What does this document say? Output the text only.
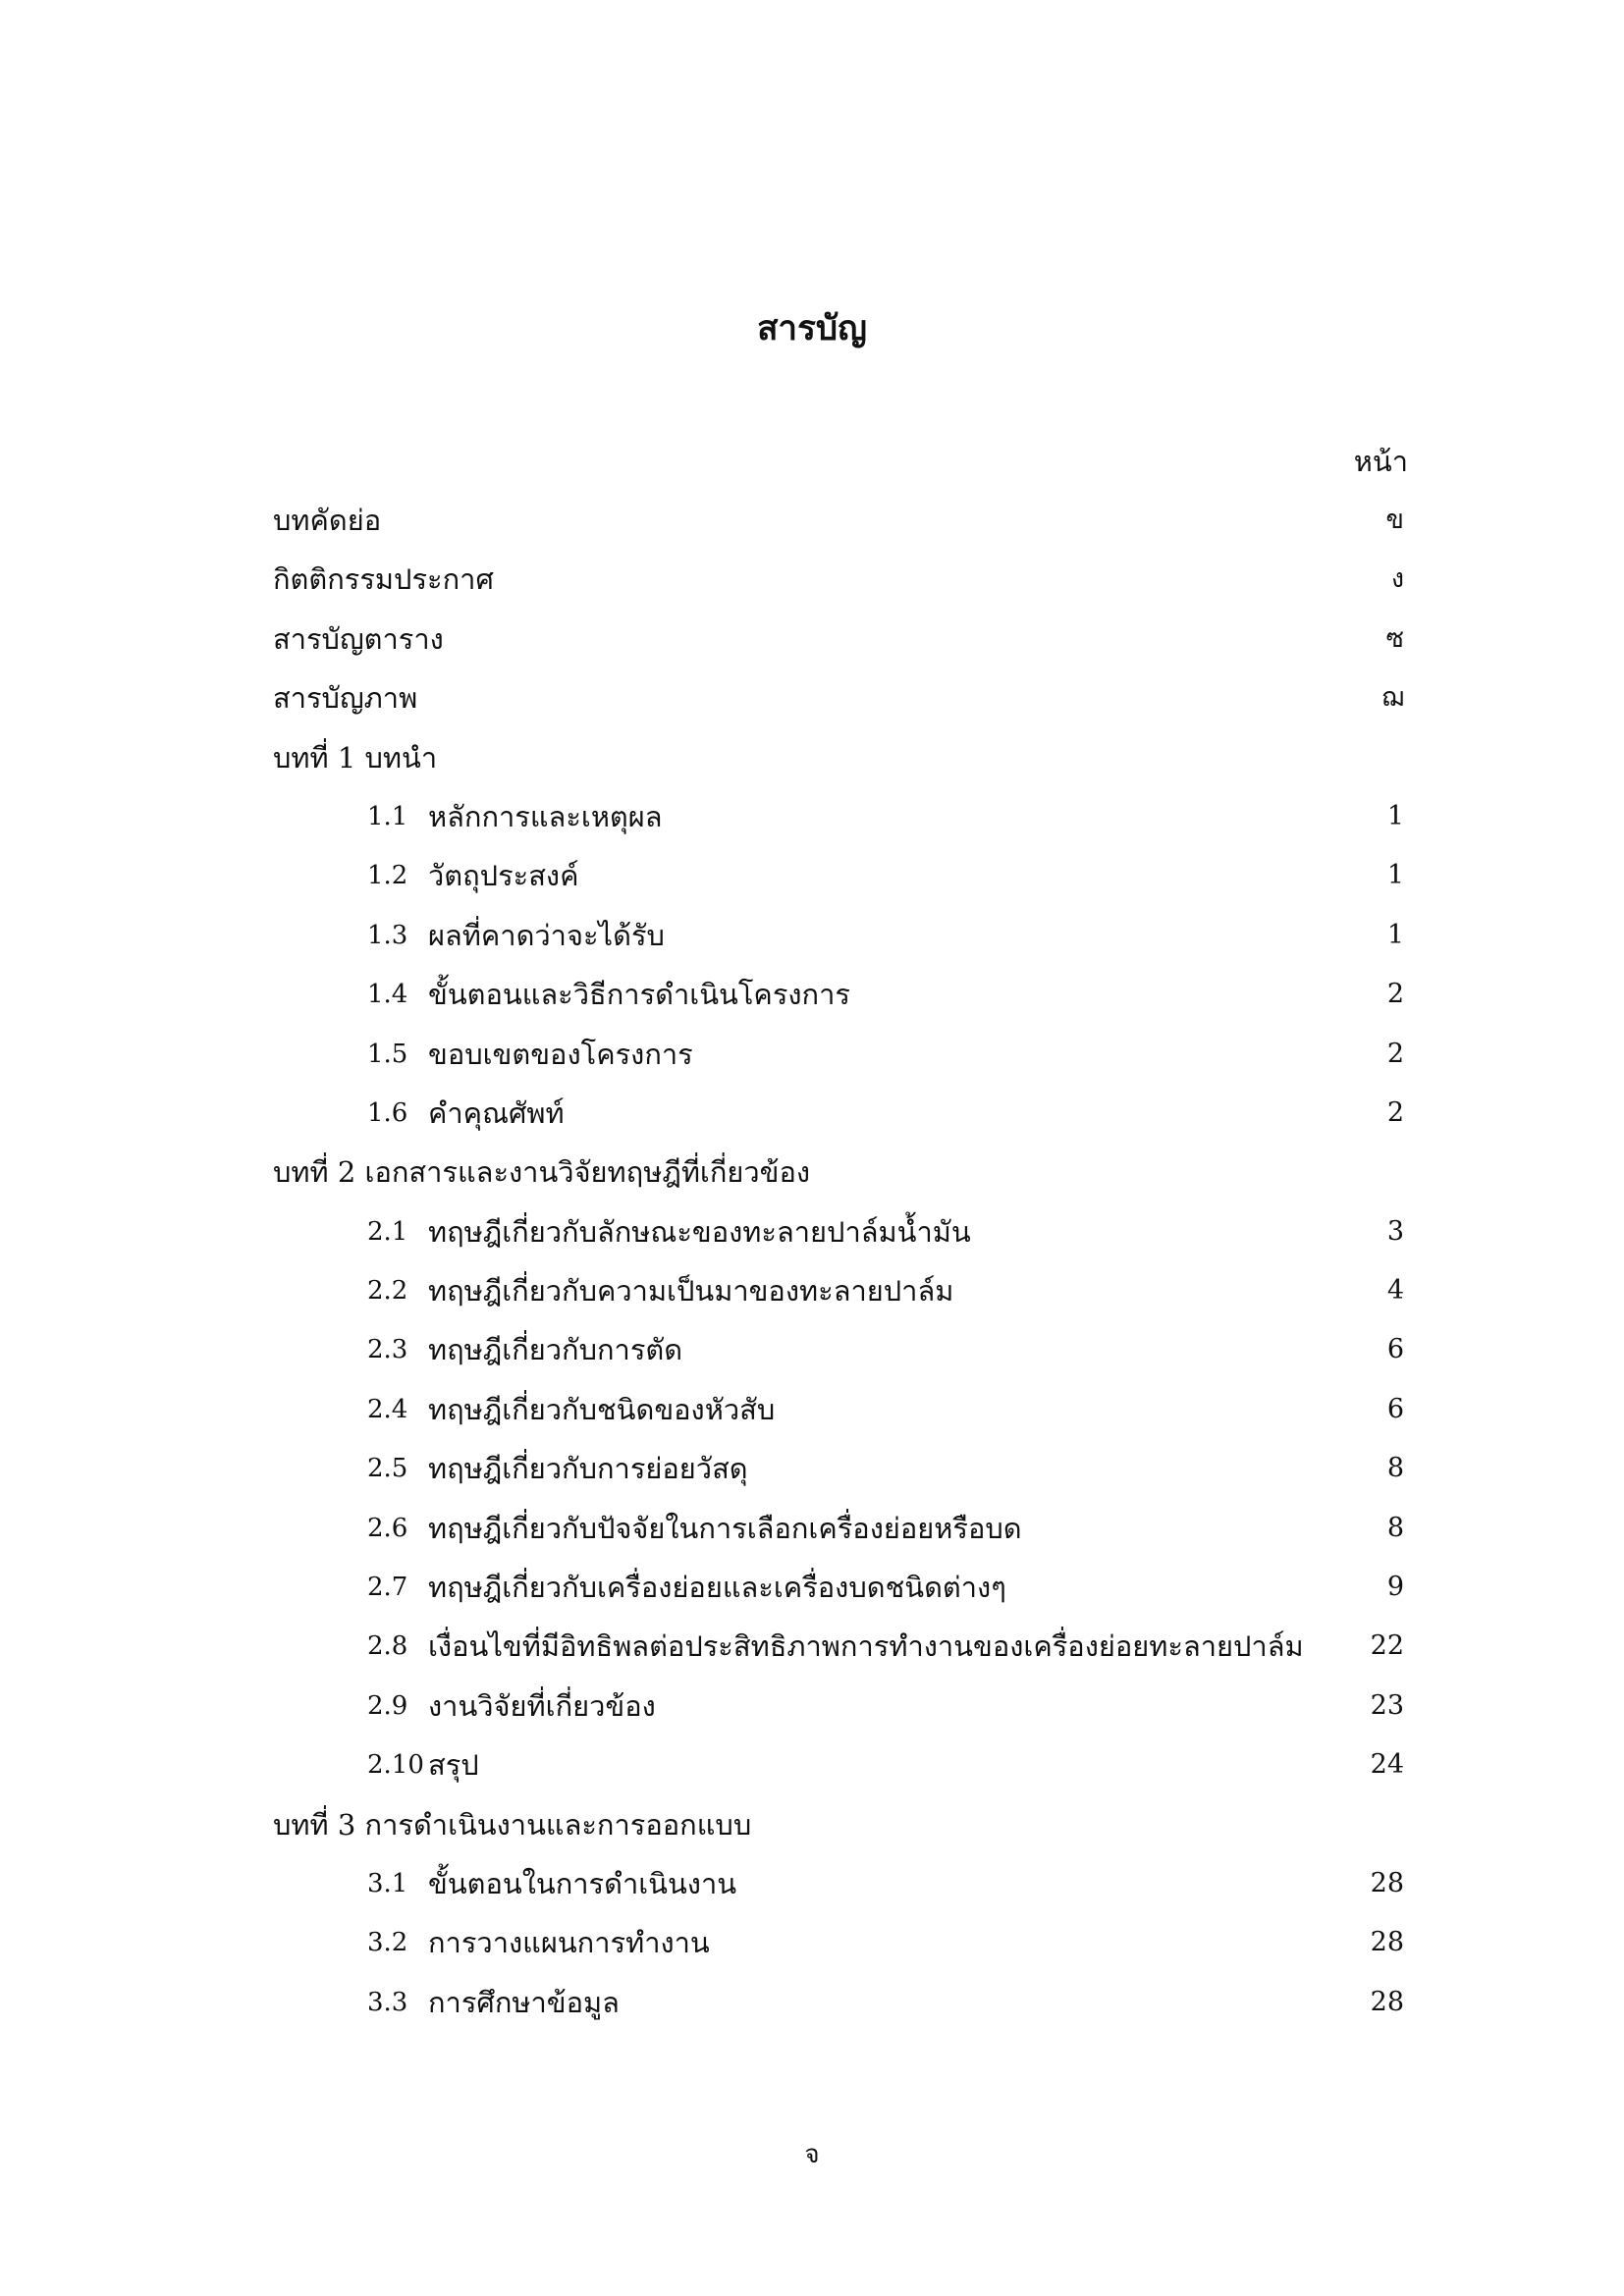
สารบัญ
หน้า
บทคัดย่อ	ข
กิตติกรรมประกาศ	ง
สารบัญตาราง	ซ
สารบัญภาพ	ฌ
บทที่ 1 บทนำ
1.1 หลักการและเหตุผล	1
1.2 วัตถุประสงค์	1
1.3 ผลที่คาดว่าจะได้รับ	1
1.4 ขั้นตอนและวิธีการดำเนินโครงการ	2
1.5 ขอบเขตของโครงการ	2
1.6 คำคุณศัพท์	2
บทที่ 2 เอกสารและงานวิจัยทฤษฎีที่เกี่ยวข้อง
2.1 ทฤษฎีเกี่ยวกับลักษณะของทะลายปาล์มน้ำมัน	3
2.2 ทฤษฎีเกี่ยวกับความเป็นมาของทะลายปาล์ม	4
2.3 ทฤษฎีเกี่ยวกับการตัด	6
2.4 ทฤษฎีเกี่ยวกับชนิดของหัวสับ	6
2.5 ทฤษฎีเกี่ยวกับการย่อยวัสดุ	8
2.6 ทฤษฎีเกี่ยวกับปัจจัยในการเลือกเครื่องย่อยหรือบด	8
2.7 ทฤษฎีเกี่ยวกับเครื่องย่อยและเครื่องบดชนิดต่างๆ	9
2.8 เงื่อนไขที่มีอิทธิพลต่อประสิทธิภาพการทำงานของเครื่องย่อยทะลายปาล์ม	22
2.9 งานวิจัยที่เกี่ยวข้อง	23
2.10 สรุป	24
บทที่ 3 การดำเนินงานและการออกแบบ
3.1 ขั้นตอนในการดำเนินงาน	28
3.2 การวางแผนการทำงาน	28
3.3 การศึกษาข้อมูล	28
จ
